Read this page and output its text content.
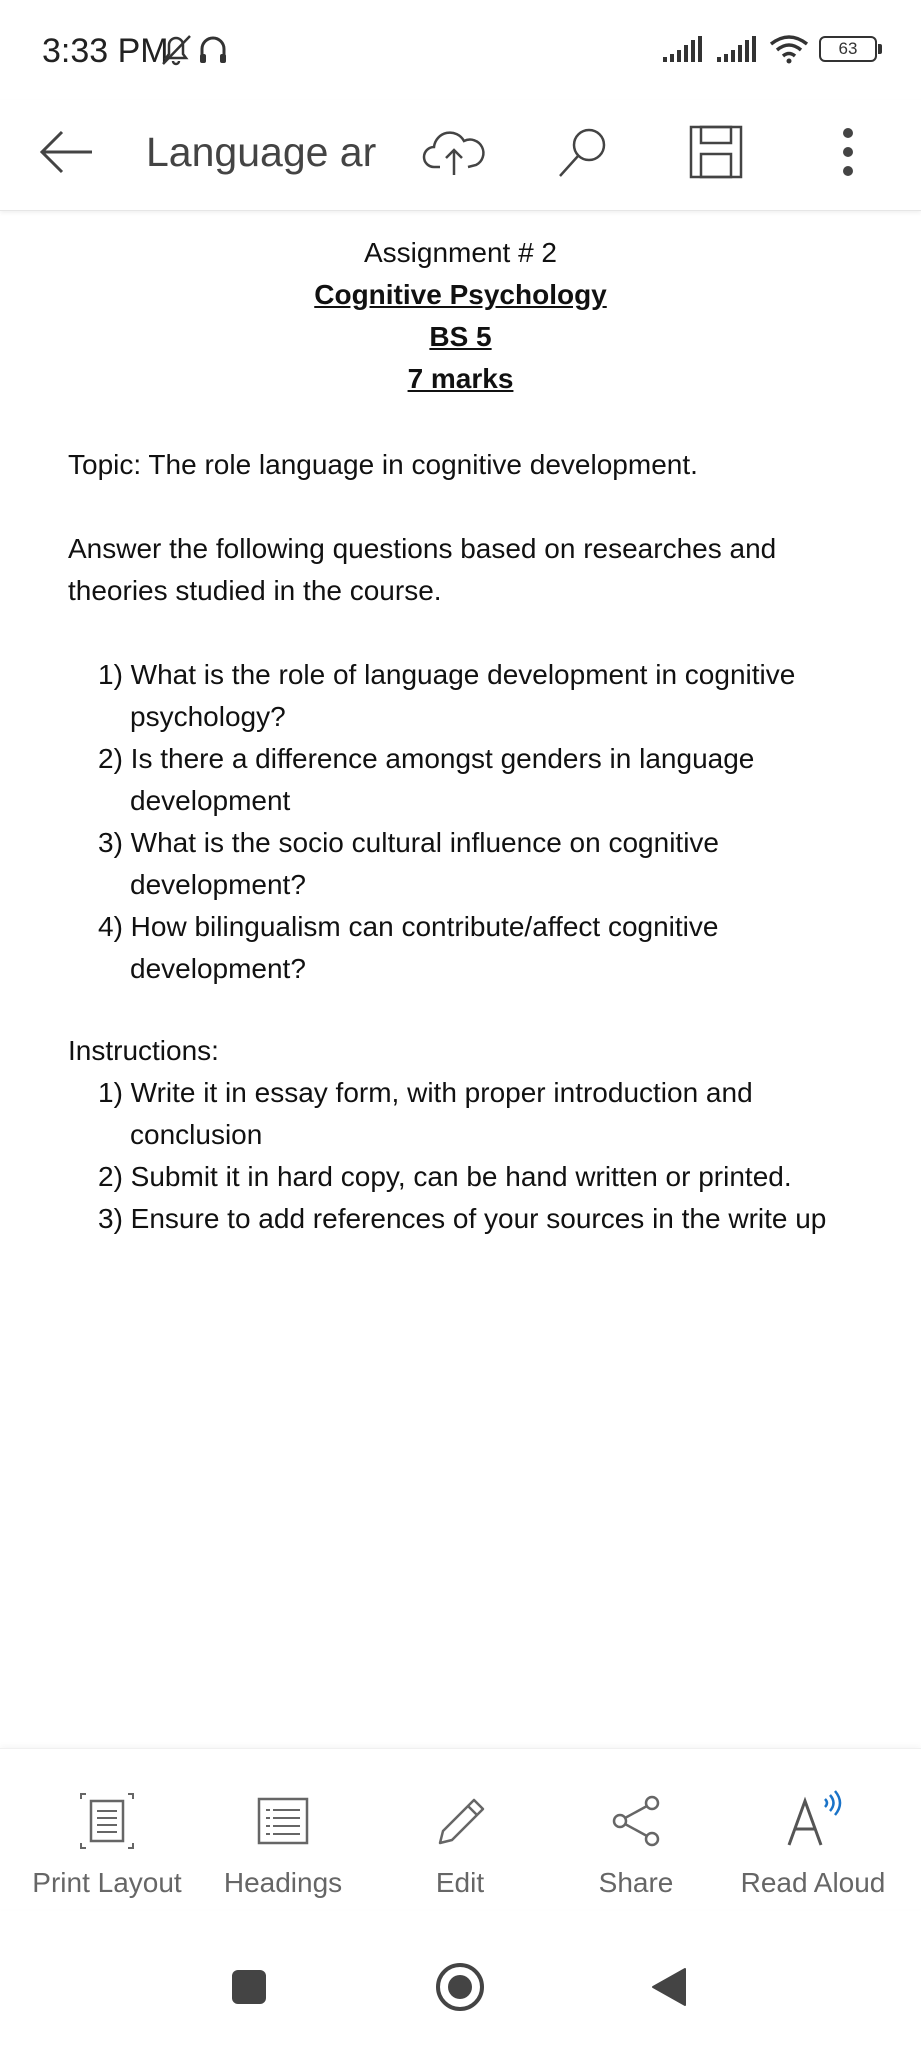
3:33 PM	63
Language ar
Assignment # 2
Cognitive Psychology
BS 5
7 marks
Topic: The role language in cognitive development.
Answer the following questions based on researches and theories studied in the course.
1) What is the role of language development in cognitive psychology?
2) Is there a difference amongst genders in language development
3) What is the socio cultural influence on cognitive development?
4) How bilingualism can contribute/affect cognitive development?
Instructions:
1) Write it in essay form, with proper introduction and conclusion
2) Submit it in hard copy, can be hand written or printed.
3) Ensure to add references of your sources in the write up
Print Layout	Headings	Edit	Share	Read Aloud
